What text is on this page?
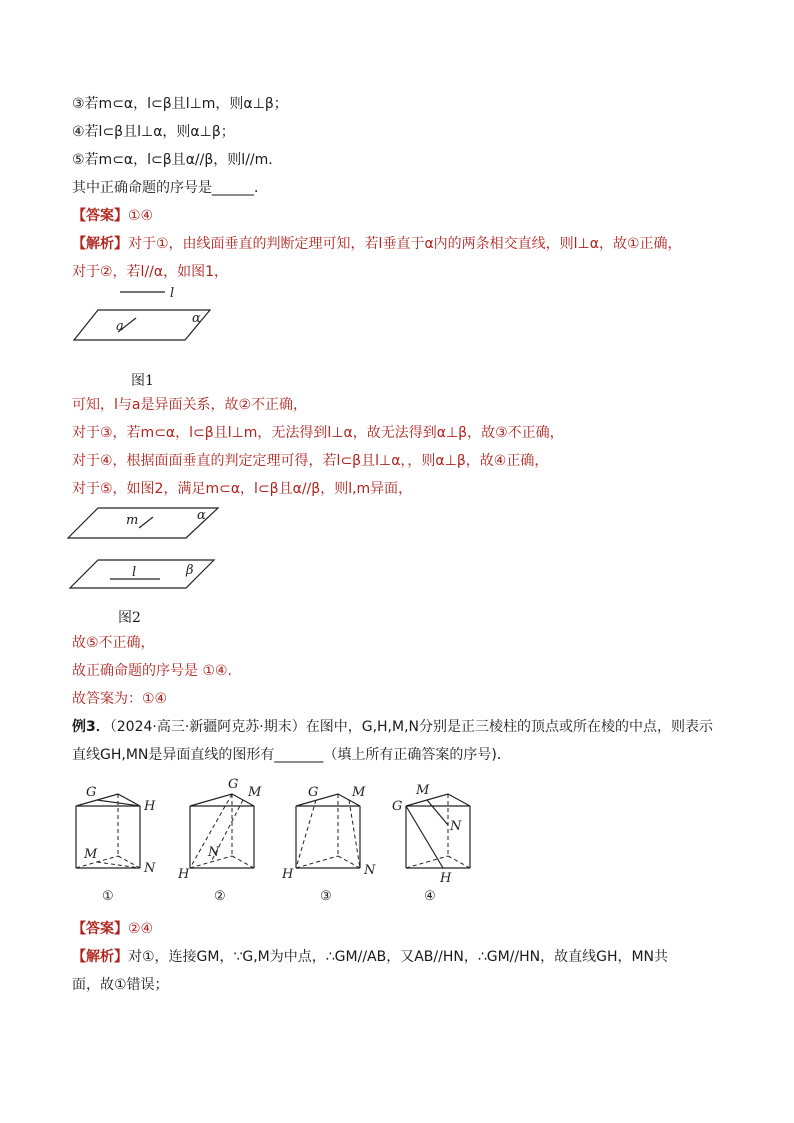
③若m⊂α，l⊂β且l⊥m，则α⊥β；
④若l⊂β且l⊥α，则α⊥β；
⑤若m⊂α，l⊂β且α//β，则l//m．
其中正确命题的序号是______．
【答案】①④
【解析】对于①，由线面垂直的判断定理可知，若l垂直于α内的两条相交直线，则l⊥α，故①正确，
对于②，若l//α，如图1，
l
a
α
图1
可知，l与a是异面关系，故②不正确，
对于③，若m⊂α，l⊂β且l⊥m，无法得到l⊥α，故无法得到α⊥β，故③不正确，
对于④，根据面面垂直的判定定理可得，若l⊂β且l⊥α，，则α⊥β，故④正确，
对于⑤，如图2，满足m⊂α，l⊂β且α//β，则l,m异面，
m	α
l	β
图2
故⑤不正确，
故正确命题的序号是 ①④.
故答案为：①④
例3．（2024·高三·新疆阿克苏·期末）在图中，G,H,M,N分别是正三棱柱的顶点或所在棱的中点，则表示
直线GH,MN是异面直线的图形有_______（填上所有正确答案的序号)．
G
H
M
N
①
G
M
N
H
②
G	M
H	N
③
G
M
N
H
④
【答案】②④
【解析】对①，连接GM，∵G,M为中点，∴GM//AB，又AB//HN，∴GM//HN，故直线GH，MN共
面，故①错误；
